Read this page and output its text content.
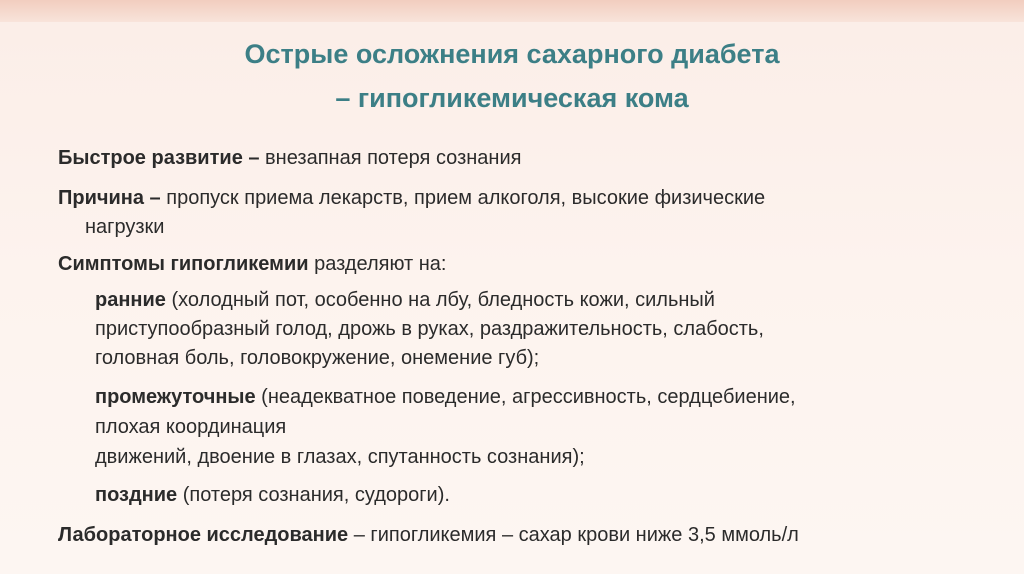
Острые осложнения сахарного диабета
– гипогликемическая кома
Быстрое развитие – внезапная потеря сознания
Причина – пропуск приема лекарств, прием алкоголя, высокие физические
нагрузки
Симптомы гипогликемии разделяют на:
ранние (холодный пот, особенно на лбу, бледность кожи, сильный
приступообразный голод, дрожь в руках, раздражительность, слабость,
головная боль, головокружение, онемение губ);
промежуточные (неадекватное поведение, агрессивность, сердцебиение,
плохая координация
движений, двоение в глазах, спутанность сознания);
поздние (потеря сознания, судороги).
Лабораторное исследование – гипогликемия – сахар крови ниже 3,5 ммоль/л
